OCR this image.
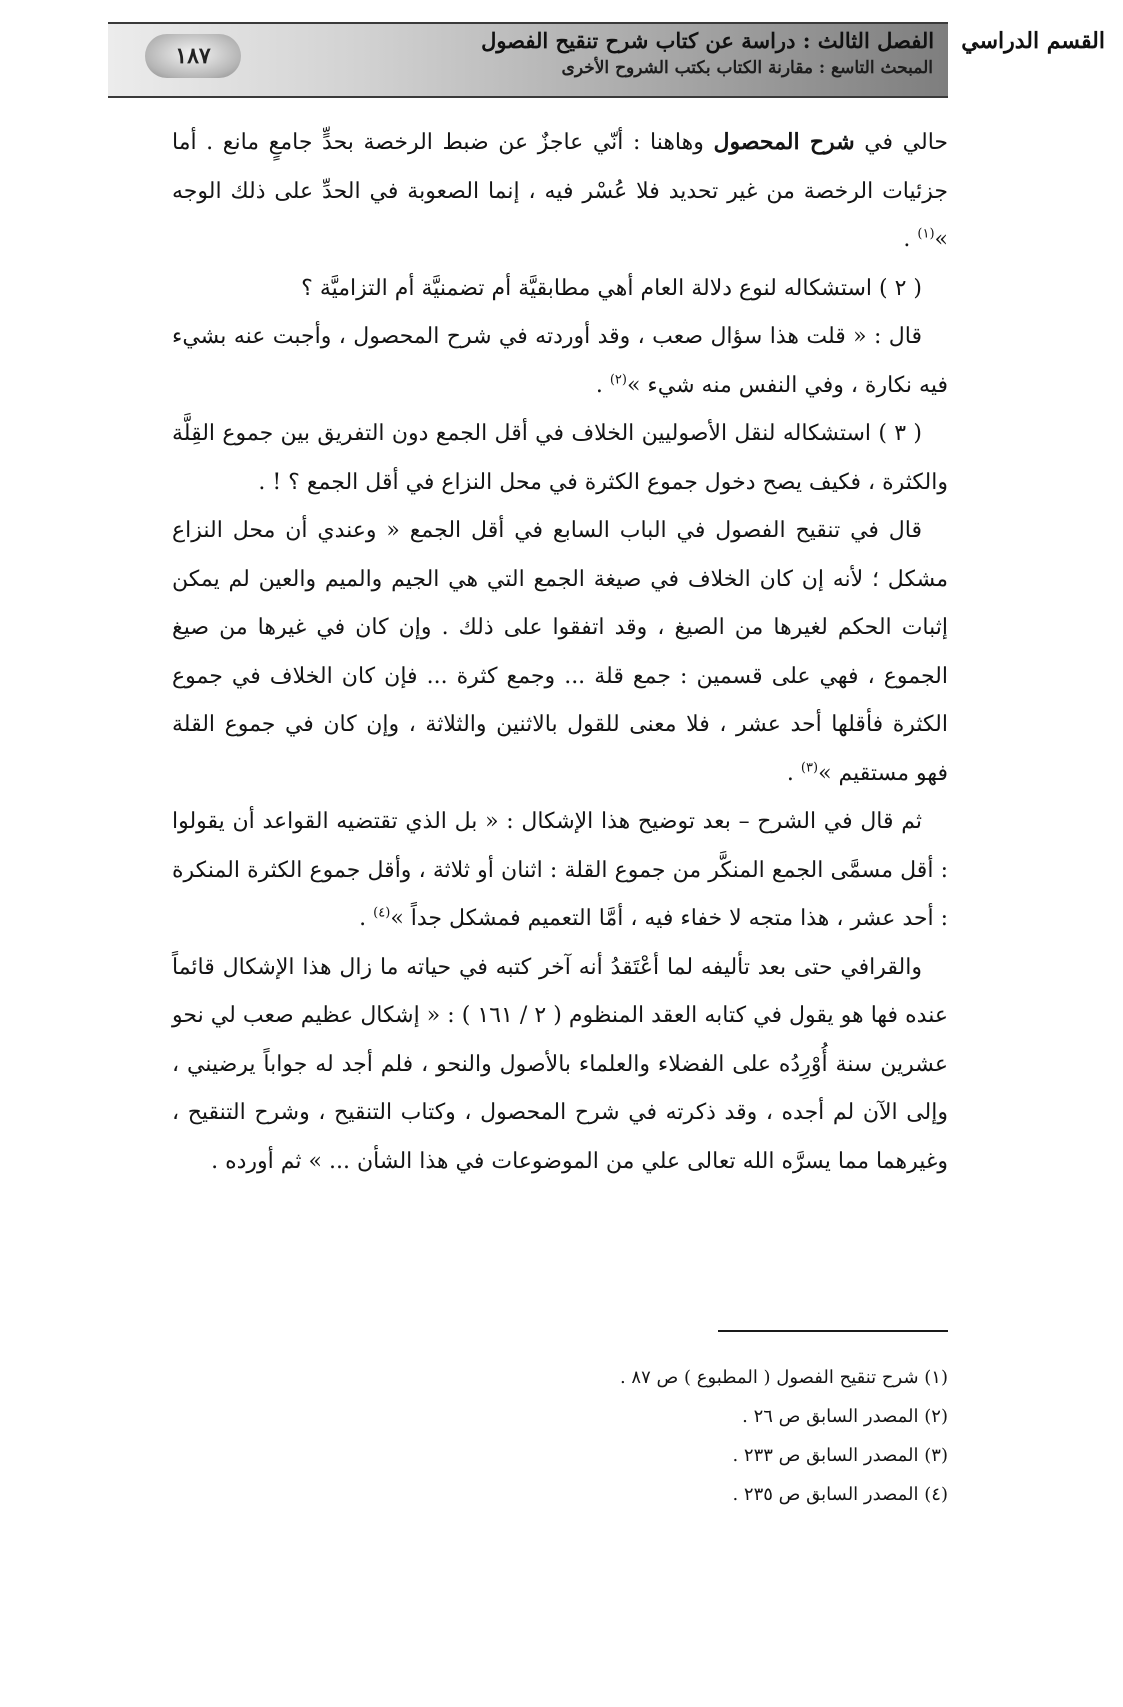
١٨٧
القسم الدراسي    الفصل الثالث : دراسة عن كتاب شرح تنقيح الفصول
المبحث التاسع : مقارنة الكتاب بكتب الشروح الأخرى

حالي في شرح المحصول وهاهنا : أنّي عاجزٌ عن ضبط الرخصة بحدٍّ جامعٍ مانع . أما جزئيات الرخصة من غير تحديد فلا عُسْر فيه ، إنما الصعوبة في الحدِّ على ذلك الوجه »$^{(١)}$ .

( ٢ ) استشكاله لنوع دلالة العام أهي مطابقيَّة أم تضمنيَّة أم التزاميَّة ؟

قال : « قلت هذا سؤال صعب ، وقد أوردته في شرح المحصول ، وأجبت عنه بشيء فيه نكارة ، وفي النفس منه شيء »$^{(٢)}$ .

( ٣ ) استشكاله لنقل الأصوليين الخلاف في أقل الجمع دون التفريق بين جموع القِلَّة والكثرة ، فكيف يصح دخول جموع الكثرة في محل النزاع في أقل الجمع ؟ ! .

قال في تنقيح الفصول في الباب السابع في أقل الجمع « وعندي أن محل النزاع مشكل ؛ لأنه إن كان الخلاف في صيغة الجمع التي هي الجيم والميم والعين لم يمكن إثبات الحكم لغيرها من الصيغ ، وقد اتفقوا على ذلك . وإن كان في غيرها من صيغ الجموع ، فهي على قسمين : جمع قلة ... وجمع كثرة ... فإن كان الخلاف في جموع الكثرة فأقلها أحد عشر ، فلا معنى للقول بالاثنين والثلاثة ، وإن كان في جموع القلة فهو مستقيم »$^{(٣)}$ .

ثم قال في الشرح – بعد توضيح هذا الإشكال : « بل الذي تقتضيه القواعد أن يقولوا : أقل مسمَّى الجمع المنكَّر من جموع القلة : اثنان أو ثلاثة ، وأقل جموع الكثرة المنكرة : أحد عشر ، هذا متجه لا خفاء فيه ، أمَّا التعميم فمشكل جداً »$^{(٤)}$ .

والقرافي حتى بعد تأليفه لما أعْتَقدُ أنه آخر كتبه في حياته ما زال هذا الإشكال قائماً عنده فها هو يقول في كتابه العقد المنظوم ( ٢ / ١٦١ ) : « إشكال عظيم صعب لي نحو عشرين سنة أُوْرِدُه على الفضلاء والعلماء بالأصول والنحو ، فلم أجد له جواباً يرضيني ، وإلى الآن لم أجده ، وقد ذكرته في شرح المحصول ، وكتاب التنقيح ، وشرح التنقيح ، وغيرهما مما يسرَّه الله تعالى علي من الموضوعات في هذا الشأن ... » ثم أورده .

(١) شرح تنقيح الفصول ( المطبوع ) ص ٨٧ .
(٢) المصدر السابق ص ٢٦ .
(٣) المصدر السابق ص ٢٣٣ .
(٤) المصدر السابق ص ٢٣٥ .
